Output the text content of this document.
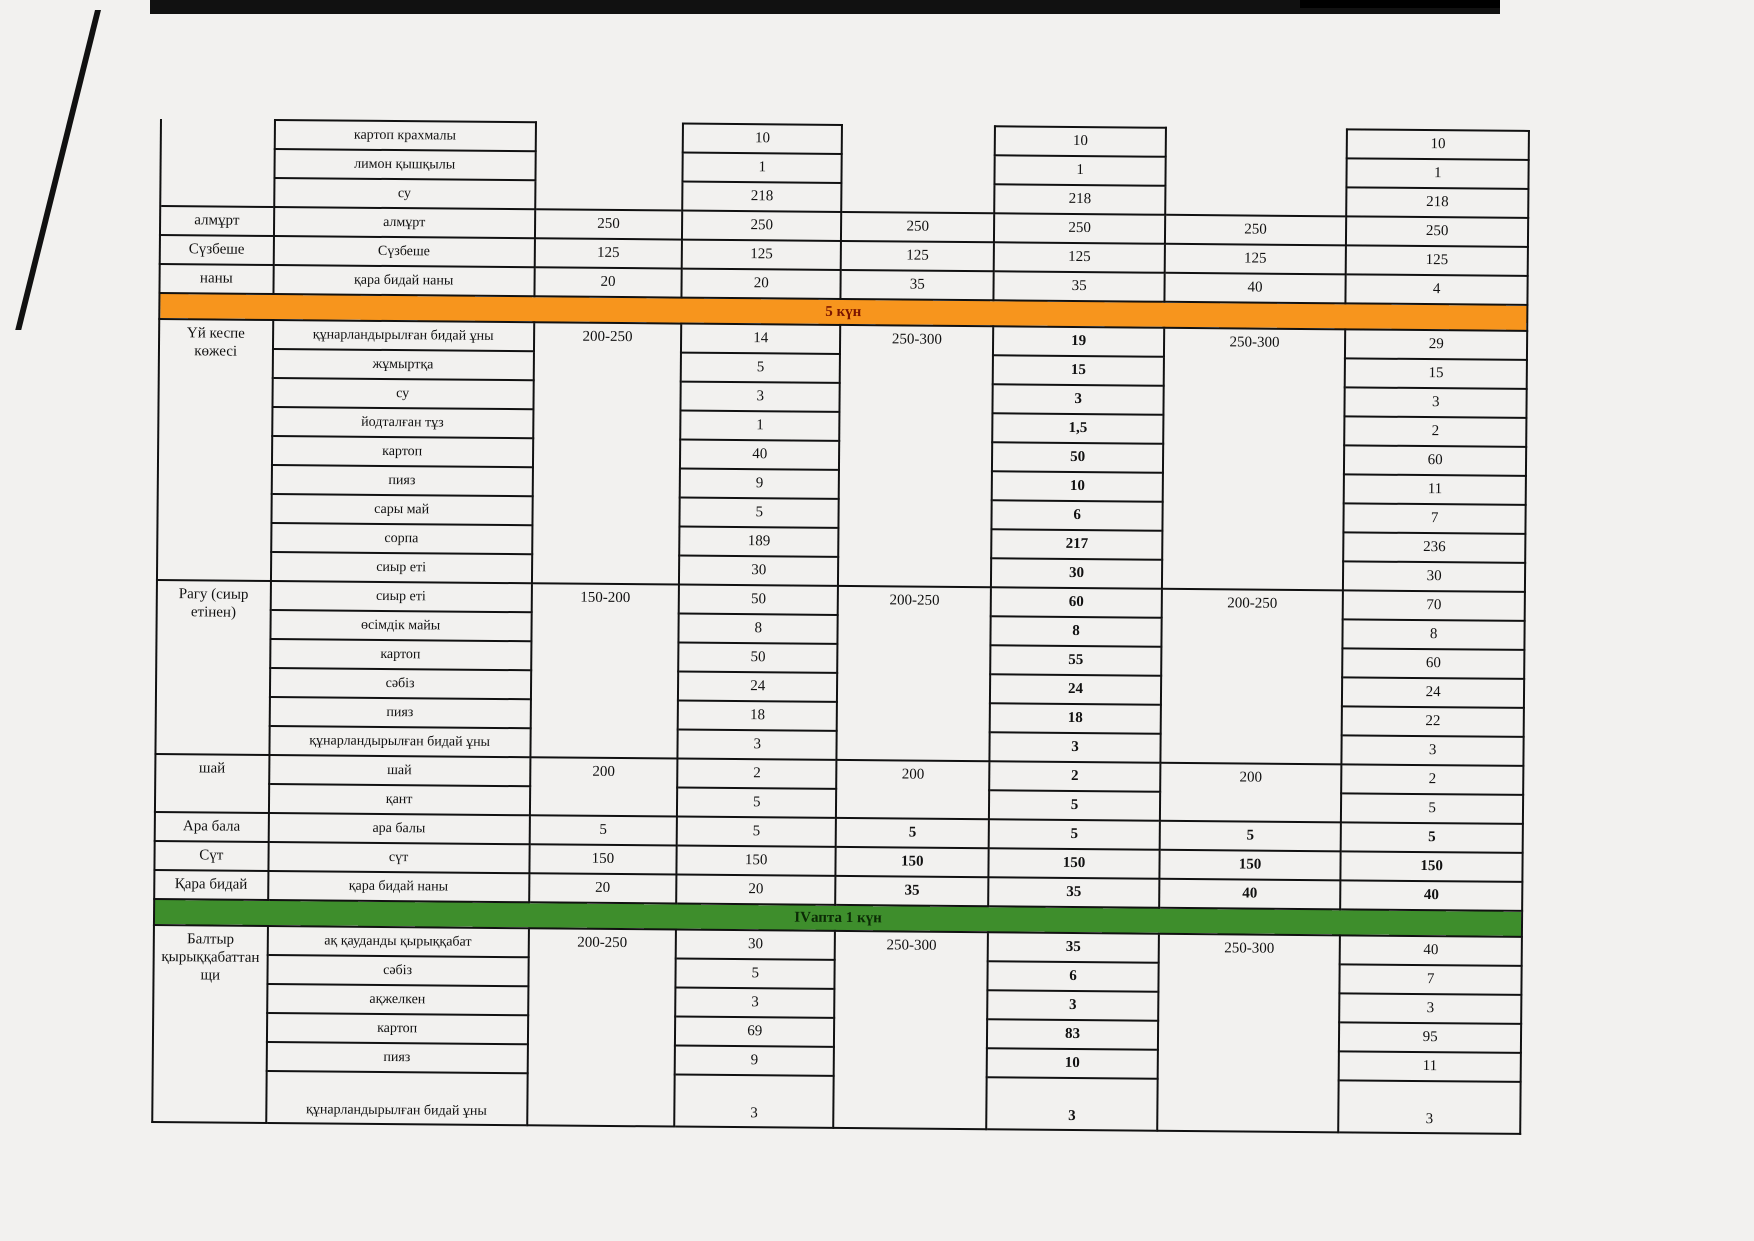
	картоп крахмалы		10		10		10
	лимон қышқылы		1		1		1
	су		218		218		218
алмұрт	алмұрт	250	250	250	250	250	250
Сүзбеше	Сүзбеше	125	125	125	125	125	125
наны	қара бидай наны	20	20	35	35	40	4
5 күн							
Үй кеспе көжесі	құнарландырылған бидай ұны	200-250	14	250-300	19	250-300	29
	жұмыртқа		5		15		15
	су		3		3		3
	йодталған тұз		1		1,5		2
	картоп		40		50		60
	пияз		9		10		11
	сары май		5		6		7
	сорпа		189		217		236
	сиыр еті		30		30		30
Рагу (сиыр етінен)	сиыр еті	150-200	50	200-250	60	200-250	70
	өсімдік майы		8		8		8
	картоп		50		55		60
	сәбіз		24		24		24
	пияз		18		18		22
	құнарландырылған бидай ұны		3		3		3
шай	шай	200	2	200	2	200	2
	қант		5		5		5
Ара бала	ара балы	5	5	5	5	5	5
Сүт	сүт	150	150	150	150	150	150
Қара бидай	қара бидай наны	20	20	35	35	40	40
IVапта 1 күн							
Балтыр қырыққабаттан щи	ақ қауданды қырыққабат	200-250	30	250-300	35	250-300	40
	сәбіз		5		6		7
	ақжелкен		3		3		3
	картоп		69		83		95
	пияз		9		10		11
	құнарландырылған бидай ұны		3		3		3
